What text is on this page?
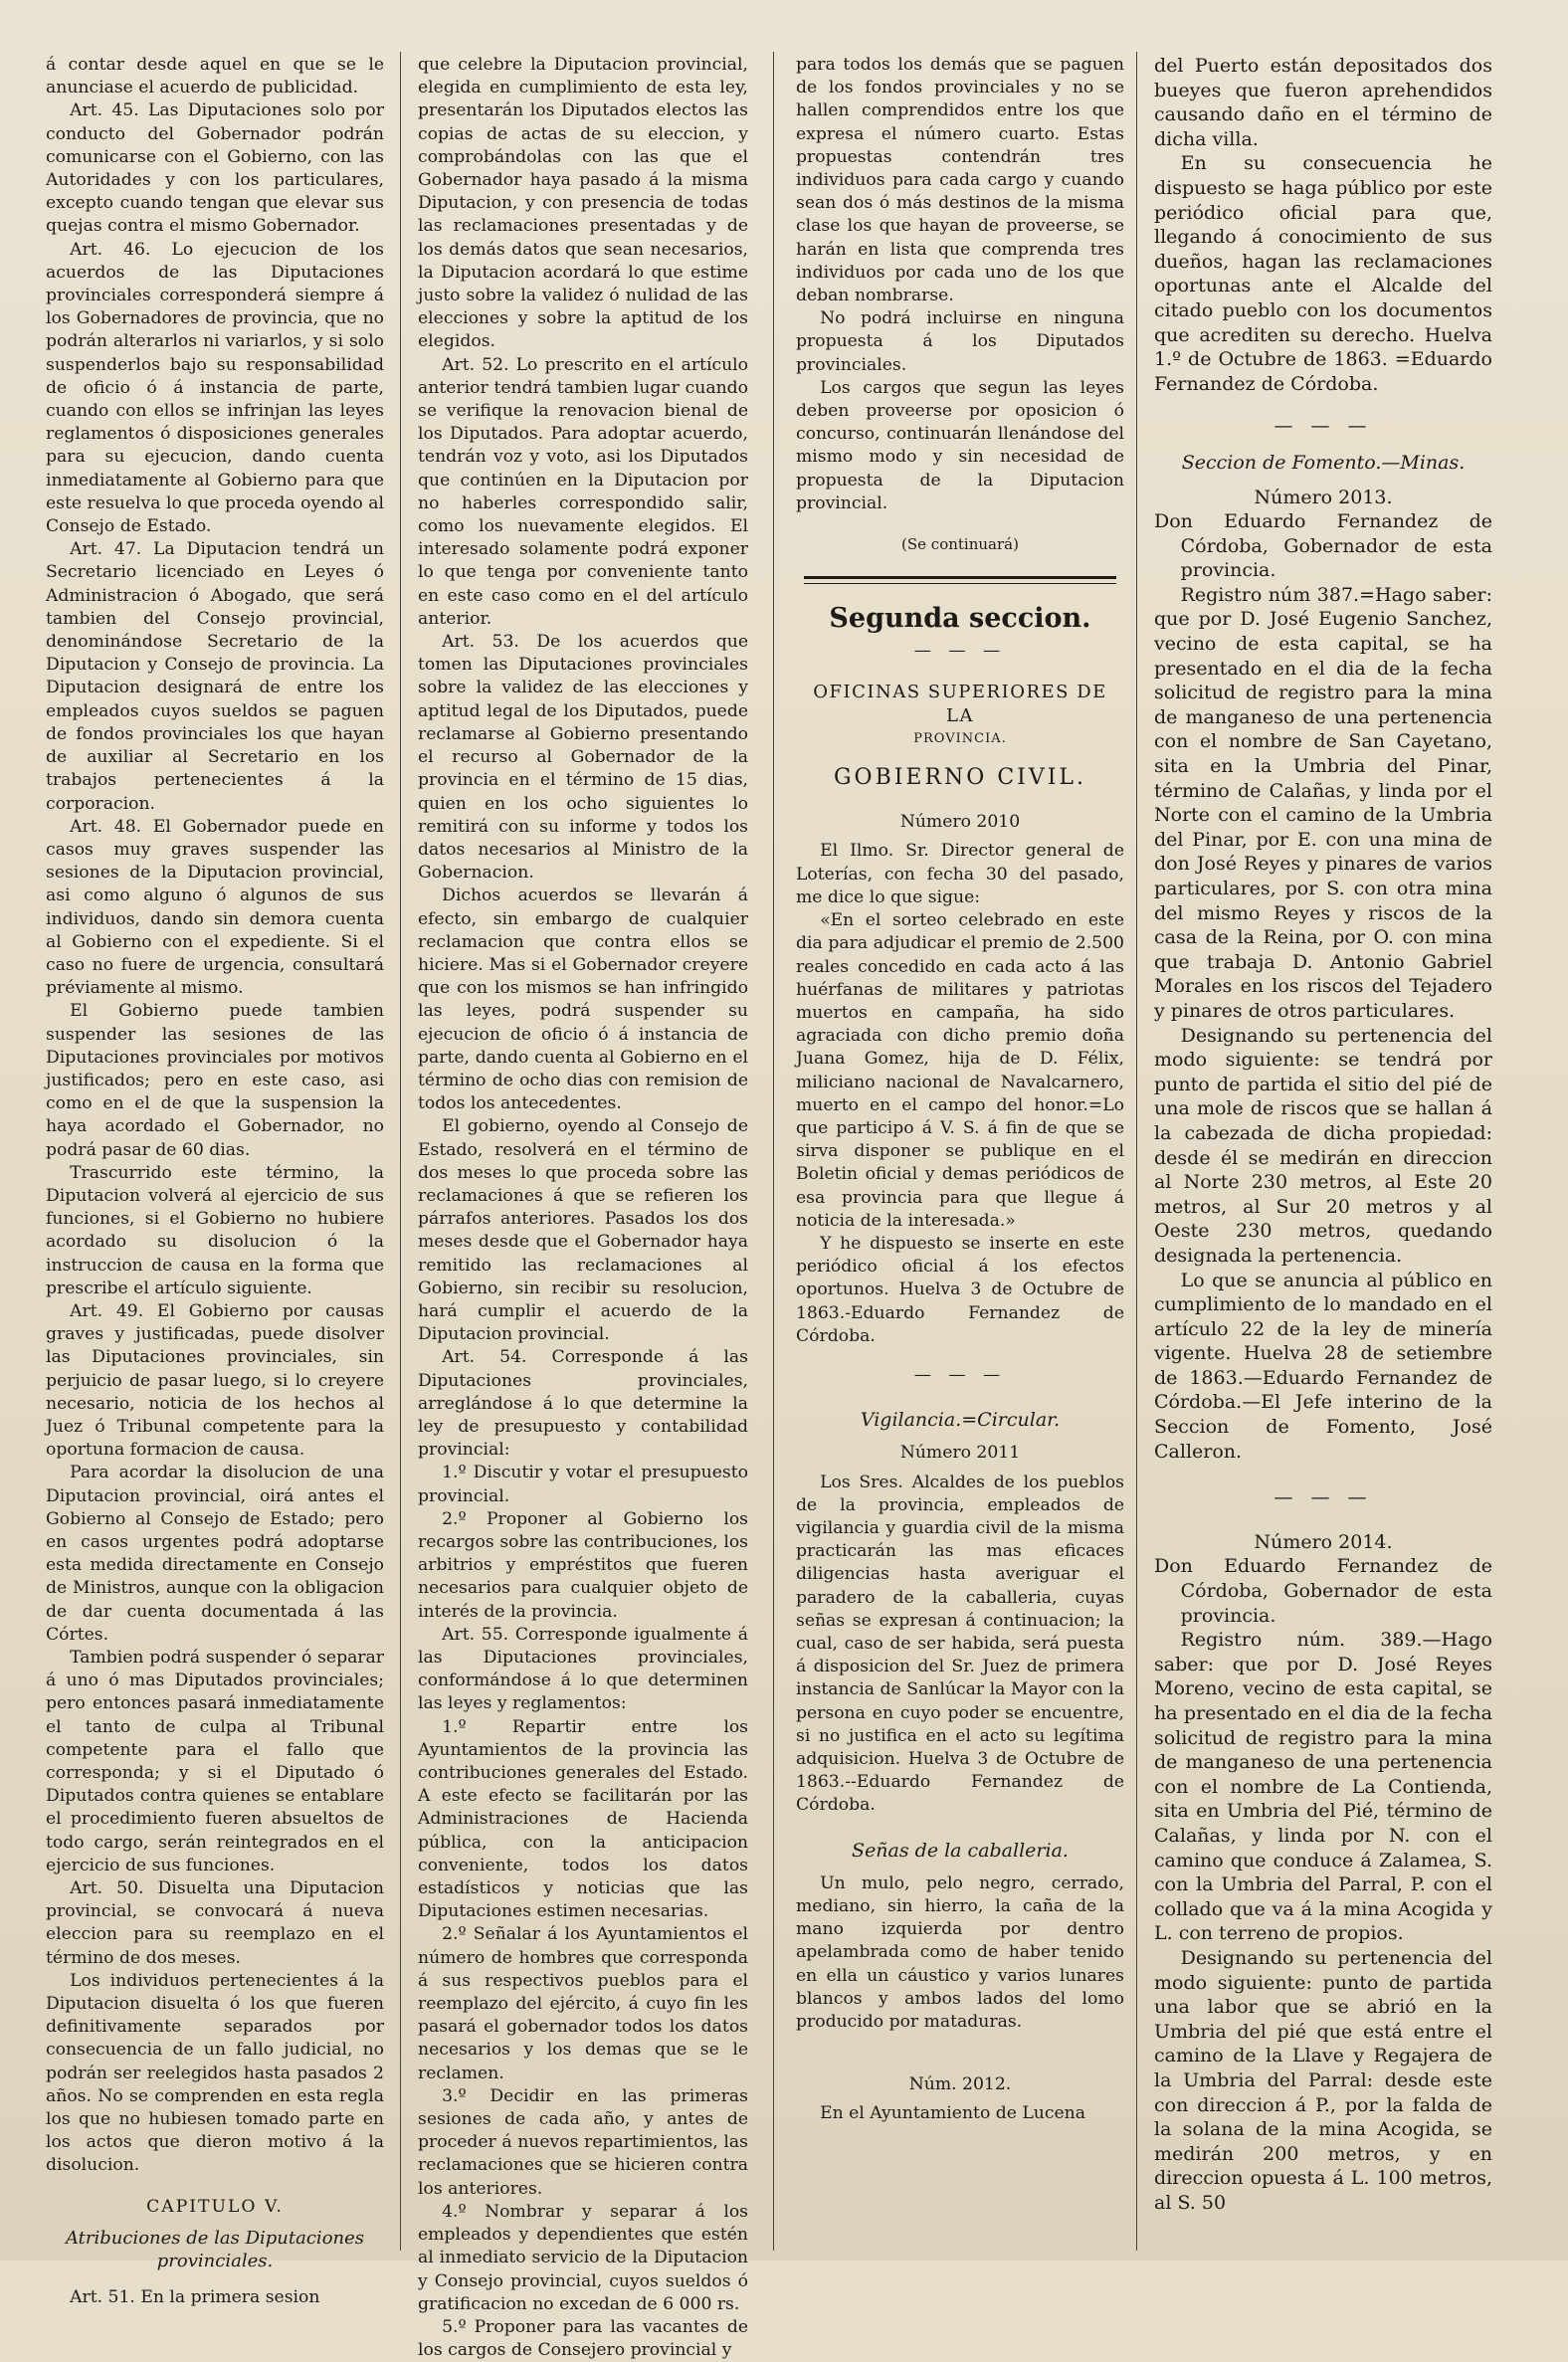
á contar desde aquel en que se le anunciase el acuerdo de publicidad.

Art. 45. Las Diputaciones solo por conducto del Gobernador podrán comunicarse con el Gobierno, con las Autoridades y con los particulares, excepto cuando tengan que elevar sus quejas contra el mismo Gobernador.

Art. 46. Lo ejecucion de los acuerdos de las Diputaciones provinciales corresponderá siempre á los Gobernadores de provincia, que no podrán alterarlos ni variarlos, y si solo suspenderlos bajo su responsabilidad de oficio ó á instancia de parte, cuando con ellos se infrinjan las leyes reglamentos ó disposiciones generales para su ejecucion, dando cuenta inmediatamente al Gobierno para que este resuelva lo que proceda oyendo al Consejo de Estado.

Art. 47. La Diputacion tendrá un Secretario licenciado en Leyes ó Administracion ó Abogado, que será tambien del Consejo provincial, denominándose Secretario de la Diputacion y Consejo de provincia. La Diputacion designará de entre los empleados cuyos sueldos se paguen de fondos provinciales los que hayan de auxiliar al Secretario en los trabajos pertenecientes á la corporacion.

Art. 48. El Gobernador puede en casos muy graves suspender las sesiones de la Diputacion provincial, asi como alguno ó algunos de sus individuos, dando sin demora cuenta al Gobierno con el expediente. Si el caso no fuere de urgencia, consultará préviamente al mismo.

El Gobierno puede tambien suspender las sesiones de las Diputaciones provinciales por motivos justificados; pero en este caso, asi como en el de que la suspension la haya acordado el Gobernador, no podrá pasar de 60 dias.

Trascurrido este término, la Diputacion volverá al ejercicio de sus funciones, si el Gobierno no hubiere acordado su disolucion ó la instruccion de causa en la forma que prescribe el artículo siguiente.

Art. 49. El Gobierno por causas graves y justificadas, puede disolver las Diputaciones provinciales, sin perjuicio de pasar luego, si lo creyere necesario, noticia de los hechos al Juez ó Tribunal competente para la oportuna formacion de causa.

Para acordar la disolucion de una Diputacion provincial, oirá antes el Gobierno al Consejo de Estado; pero en casos urgentes podrá adoptarse esta medida directamente en Consejo de Ministros, aunque con la obligacion de dar cuenta documentada á las Córtes.

Tambien podrá suspender ó separar á uno ó mas Diputados provinciales; pero entonces pasará inmediatamente el tanto de culpa al Tribunal competente para el fallo que corresponda; y si el Diputado ó Diputados contra quienes se entablare el procedimiento fueren absueltos de todo cargo, serán reintegrados en el ejercicio de sus funciones.

Art. 50. Disuelta una Diputacion provincial, se convocará á nueva eleccion para su reemplazo en el término de dos meses.

Los individuos pertenecientes á la Diputacion disuelta ó los que fueren definitivamente separados por consecuencia de un fallo judicial, no podrán ser reelegidos hasta pasados 2 años. No se comprenden en esta regla los que no hubiesen tomado parte en los actos que dieron motivo á la disolucion.

CAPITULO V.

Atribuciones de las Diputaciones provinciales.

Art. 51. En la primera sesion

que celebre la Diputacion provincial, elegida en cumplimiento de esta ley, presentarán los Diputados electos las copias de actas de su eleccion, y comprobándolas con las que el Gobernador haya pasado á la misma Diputacion, y con presencia de todas las reclamaciones presentadas y de los demás datos que sean necesarios, la Diputacion acordará lo que estime justo sobre la validez ó nulidad de las elecciones y sobre la aptitud de los elegidos.

Art. 52. Lo prescrito en el artículo anterior tendrá tambien lugar cuando se verifique la renovacion bienal de los Diputados. Para adoptar acuerdo, tendrán voz y voto, asi los Diputados que continúen en la Diputacion por no haberles correspondido salir, como los nuevamente elegidos. El interesado solamente podrá exponer lo que tenga por conveniente tanto en este caso como en el del artículo anterior.

Art. 53. De los acuerdos que tomen las Diputaciones provinciales sobre la validez de las elecciones y aptitud legal de los Diputados, puede reclamarse al Gobierno presentando el recurso al Gobernador de la provincia en el término de 15 dias, quien en los ocho siguientes lo remitirá con su informe y todos los datos necesarios al Ministro de la Gobernacion.

Dichos acuerdos se llevarán á efecto, sin embargo de cualquier reclamacion que contra ellos se hiciere. Mas si el Gobernador creyere que con los mismos se han infringido las leyes, podrá suspender su ejecucion de oficio ó á instancia de parte, dando cuenta al Gobierno en el término de ocho dias con remision de todos los antecedentes.

El gobierno, oyendo al Consejo de Estado, resolverá en el término de dos meses lo que proceda sobre las reclamaciones á que se refieren los párrafos anteriores. Pasados los dos meses desde que el Gobernador haya remitido las reclamaciones al Gobierno, sin recibir su resolucion, hará cumplir el acuerdo de la Diputacion provincial.

Art. 54. Corresponde á las Diputaciones provinciales, arreglándose á lo que determine la ley de presupuesto y contabilidad provincial:

1.º Discutir y votar el presupuesto provincial.

2.º Proponer al Gobierno los recargos sobre las contribuciones, los arbitrios y empréstitos que fueren necesarios para cualquier objeto de interés de la provincia.

Art. 55. Corresponde igualmente á las Diputaciones provinciales, conformándose á lo que determinen las leyes y reglamentos:

1.º Repartir entre los Ayuntamientos de la provincia las contribuciones generales del Estado. A este efecto se facilitarán por las Administraciones de Hacienda pública, con la anticipacion conveniente, todos los datos estadísticos y noticias que las Diputaciones estimen necesarias.

2.º Señalar á los Ayuntamientos el número de hombres que corresponda á sus respectivos pueblos para el reemplazo del ejército, á cuyo fin les pasará el gobernador todos los datos necesarios y los demas que se le reclamen.

3.º Decidir en las primeras sesiones de cada año, y antes de proceder á nuevos repartimientos, las reclamaciones que se hicieren contra los anteriores.

4.º Nombrar y separar á los empleados y dependientes que estén al inmediato servicio de la Diputacion y Consejo provincial, cuyos sueldos ó gratificacion no excedan de 6 000 rs.

5.º Proponer para las vacantes de los cargos de Consejero provincial y

para todos los demás que se paguen de los fondos provinciales y no se hallen comprendidos entre los que expresa el número cuarto. Estas propuestas contendrán tres individuos para cada cargo y cuando sean dos ó más destinos de la misma clase los que hayan de proveerse, se harán en lista que comprenda tres individuos por cada uno de los que deban nombrarse.

No podrá incluirse en ninguna propuesta á los Diputados provinciales.

Los cargos que segun las leyes deben proveerse por oposicion ó concurso, continuarán llenándose del mismo modo y sin necesidad de propuesta de la Diputacion provincial.

(Se continuará)

Segunda seccion.

— — —

OFICINAS SUPERIORES DE LA

PROVINCIA.

GOBIERNO CIVIL.

Número 2010

El Ilmo. Sr. Director general de Loterías, con fecha 30 del pasado, me dice lo que sigue:

«En el sorteo celebrado en este dia para adjudicar el premio de 2.500 reales concedido en cada acto á las huérfanas de militares y patriotas muertos en campaña, ha sido agraciada con dicho premio doña Juana Gomez, hija de D. Félix, miliciano nacional de Navalcarnero, muerto en el campo del honor.=Lo que participo á V. S. á fin de que se sirva disponer se publique en el Boletin oficial y demas periódicos de esa provincia para que llegue á noticia de la interesada.»

Y he dispuesto se inserte en este periódico oficial á los efectos oportunos. Huelva 3 de Octubre de 1863.-Eduardo Fernandez de Córdoba.

— — —

Vigilancia.=Circular.

Número 2011

Los Sres. Alcaldes de los pueblos de la provincia, empleados de vigilancia y guardia civil de la misma practicarán las mas eficaces diligencias hasta averiguar el paradero de la caballeria, cuyas señas se expresan á continuacion; la cual, caso de ser habida, será puesta á disposicion del Sr. Juez de primera instancia de Sanlúcar la Mayor con la persona en cuyo poder se encuentre, si no justifica en el acto su legítima adquisicion. Huelva 3 de Octubre de 1863.--Eduardo Fernandez de Córdoba.

Señas de la caballeria.

Un mulo, pelo negro, cerrado, mediano, sin hierro, la caña de la mano izquierda por dentro apelambrada como de haber tenido en ella un cáustico y varios lunares blancos y ambos lados del lomo producido por mataduras.

Núm. 2012.

En el Ayuntamiento de Lucena

del Puerto están depositados dos bueyes que fueron aprehendidos causando daño en el término de dicha villa.

En su consecuencia he dispuesto se haga público por este periódico oficial para que, llegando á conocimiento de sus dueños, hagan las reclamaciones oportunas ante el Alcalde del citado pueblo con los documentos que acrediten su derecho. Huelva 1.º de Octubre de 1863. =Eduardo Fernandez de Córdoba.

— — —

Seccion de Fomento.—Minas.

Número 2013.

Don Eduardo Fernandez de Córdoba, Gobernador de esta provincia.

Registro núm 387.=Hago saber: que por D. José Eugenio Sanchez, vecino de esta capital, se ha presentado en el dia de la fecha solicitud de registro para la mina de manganeso de una pertenencia con el nombre de San Cayetano, sita en la Umbria del Pinar, término de Calañas, y linda por el Norte con el camino de la Umbria del Pinar, por E. con una mina de don José Reyes y pinares de varios particulares, por S. con otra mina del mismo Reyes y riscos de la casa de la Reina, por O. con mina que trabaja D. Antonio Gabriel Morales en los riscos del Tejadero y pinares de otros particulares.

Designando su pertenencia del modo siguiente: se tendrá por punto de partida el sitio del pié de una mole de riscos que se hallan á la cabezada de dicha propiedad: desde él se medirán en direccion al Norte 230 metros, al Este 20 metros, al Sur 20 metros y al Oeste 230 metros, quedando designada la pertenencia.

Lo que se anuncia al público en cumplimiento de lo mandado en el artículo 22 de la ley de minería vigente. Huelva 28 de setiembre de 1863.—Eduardo Fernandez de Córdoba.—El Jefe interino de la Seccion de Fomento, José Calleron.

— — —

Número 2014.

Don Eduardo Fernandez de Córdoba, Gobernador de esta provincia.

Registro núm. 389.—Hago saber: que por D. José Reyes Moreno, vecino de esta capital, se ha presentado en el dia de la fecha solicitud de registro para la mina de manganeso de una pertenencia con el nombre de La Contienda, sita en Umbria del Pié, término de Calañas, y linda por N. con el camino que conduce á Zalamea, S. con la Umbria del Parral, P. con el collado que va á la mina Acogida y L. con terreno de propios.

Designando su pertenencia del modo siguiente: punto de partida una labor que se abrió en la Umbria del pié que está entre el camino de la Llave y Regajera de la Umbria del Parral: desde este con direccion á P., por la falda de la solana de la mina Acogida, se medirán 200 metros, y en direccion opuesta á L. 100 metros, al S. 50
